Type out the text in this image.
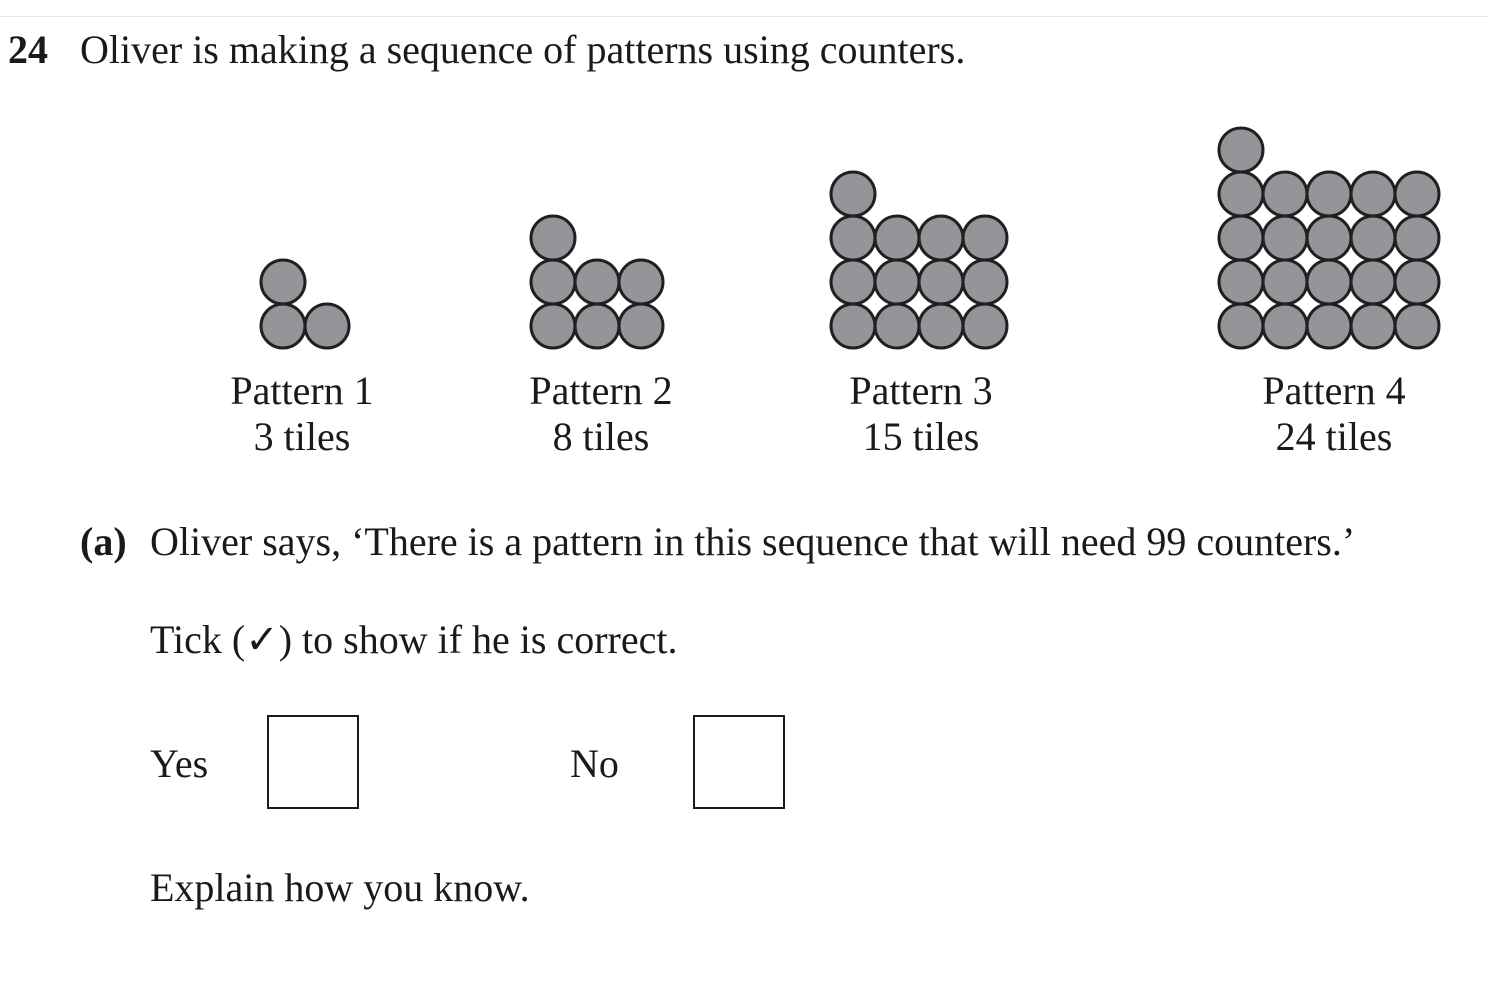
24 Oliver is making a sequence of patterns using counters.
Pattern 1
3 tiles
Pattern 2
8 tiles
Pattern 3
15 tiles
Pattern 4
24 tiles
(a) Oliver says, ‘There is a pattern in this sequence that will need 99 counters.’
Tick (✓) to show if he is correct.
Yes	No
Explain how you know.
